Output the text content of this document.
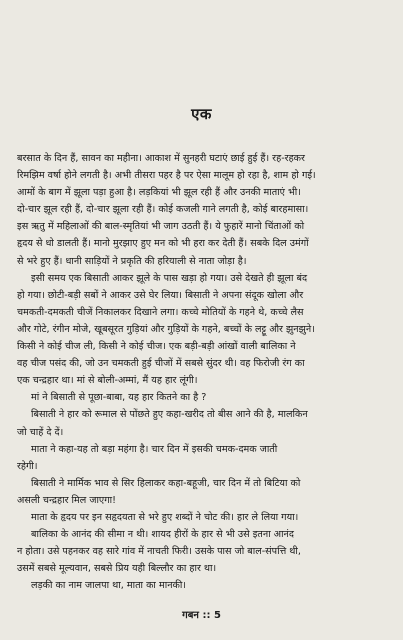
एक
बरसात के दिन हैं, सावन का महीना। आकाश में सुनहरी घटाएं छाई हुई हैं। रह-रहकर
रिमझिम वर्षा होने लगती है। अभी तीसरा पहर है पर ऐसा मालूम हो रहा है, शाम हो गई।
आमों के बाग में झूला पड़ा हुआ है। लड़कियां भी झूल रही हैं और उनकी माताएं भी।
दो-चार झूल रही हैं, दो-चार झूला रही हैं। कोई कजली गाने लगती है, कोई बारहमासा।
इस ऋतु में महिलाओं की बाल-स्मृतियां भी जाग उठती हैं। ये फुहारें मानो चिंताओं को
हृदय से धो डालती हैं। मानो मुरझाए हुए मन को भी हरा कर देती हैं। सबके दिल उमंगों
से भरे हुए हैं। धानी साड़ियों ने प्रकृति की हरियाली से नाता जोड़ा है।
इसी समय एक बिसाती आकर झूले के पास खड़ा हो गया। उसे देखते ही झूला बंद
हो गया। छोटी-बड़ी सबों ने आकर उसे घेर लिया। बिसाती ने अपना संदूक खोला और
चमकती-दमकती चीजें निकालकर दिखाने लगा। कच्चे मोतियों के गहने थे, कच्चे लैस
और गोटे, रंगीन मोजे, खूबसूरत गुड़ियां और गुड़ियों के गहने, बच्चों के लट्टू और झुनझुने।
किसी ने कोई चीज ली, किसी ने कोई चीज। एक बड़ी-बड़ी आंखों वाली बालिका ने
वह चीज पसंद की, जो उन चमकती हुई चीजों में सबसे सुंदर थी। वह फिरोजी रंग का
एक चन्द्रहार था। मां से बोली-अम्मां, मैं यह हार लूंगी।
मां ने बिसाती से पूछा-बाबा, यह हार कितने का है ?
बिसाती ने हार को रूमाल से पोंछते हुए कहा-खरीद तो बीस आने की है, मालकिन
जो चाहें दे दें।
माता ने कहा-यह तो बड़ा महंगा है। चार दिन में इसकी चमक-दमक जाती
रहेगी।
बिसाती ने मार्मिक भाव से सिर हिलाकर कहा-बहूजी, चार दिन में तो बिटिया को
असली चन्द्रहार मिल जाएगा!
माता के हृदय पर इन सहृदयता से भरे हुए शब्दों ने चोट की। हार ले लिया गया।
बालिका के आनंद की सीमा न थी। शायद हीरों के हार से भी उसे इतना आनंद
न होता। उसे पहनकर वह सारे गांव में नाचती फिरी। उसके पास जो बाल-संपत्ति थी,
उसमें सबसे मूल्यवान, सबसे प्रिय यही बिल्लौर का हार था।
लड़की का नाम जालपा था, माता का मानकी।
गबन :: 5
